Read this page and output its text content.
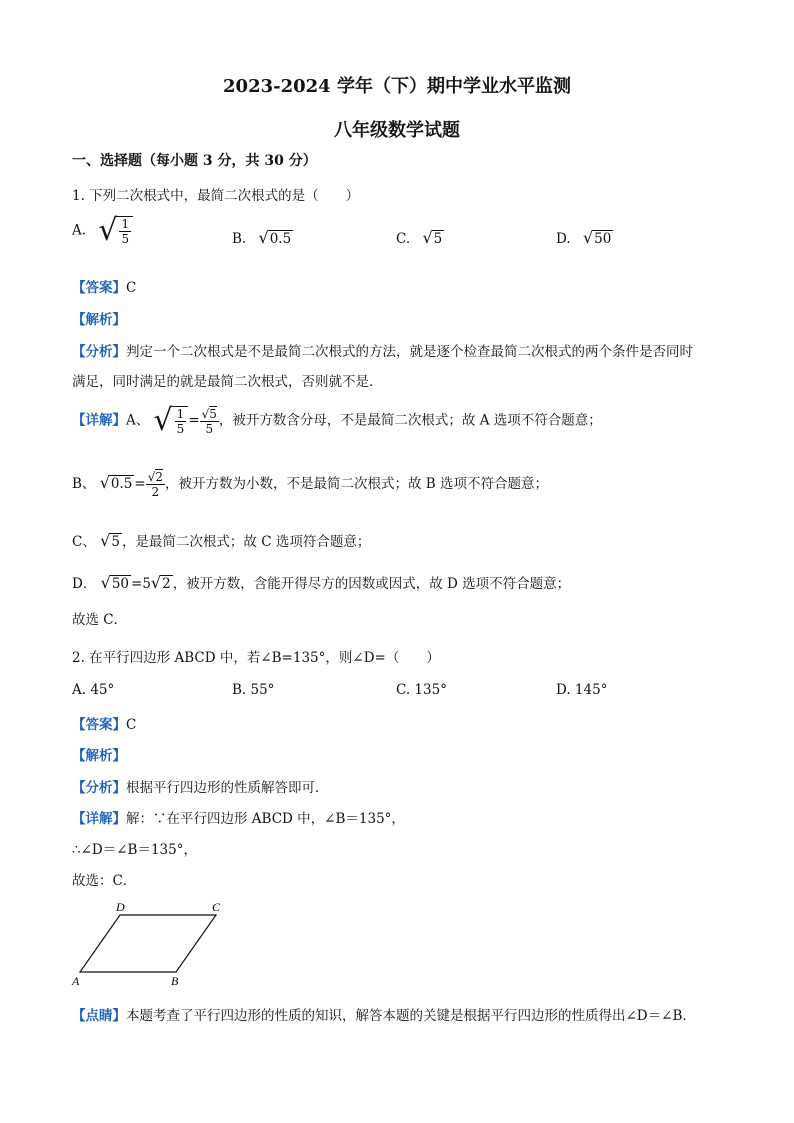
2023-2024 学年（下）期中学业水平监测
八年级数学试题
一、选择题（每小题 3 分，共 30 分）
1. 下列二次根式中，最简二次根式的是（　　）
A. √ $\frac{1}{5}$	B. √0.5	C. √5	D. √50
【答案】C
【解析】
【分析】判定一个二次根式是不是最简二次根式的方法，就是逐个检查最简二次根式的两个条件是否同时
满足，同时满足的就是最简二次根式，否则就不是．
【详解】A、 √ $\frac{1}{5} = \frac{√5}{5}$ ，被开方数含分母，不是最简二次根式；故 A 选项不符合题意；
B、 $√0.5 = \frac{√2}{2}$ ，被开方数为小数，不是最简二次根式；故 B 选项不符合题意；
C、 √5 ，是最简二次根式；故 C 选项符合题意；
D． √50 =5√2 ，被开方数，含能开得尽方的因数或因式，故 D 选项不符合题意；
故选 C．
2. 在平行四边形 ABCD 中，若∠B=135°，则∠D=（　　）
A. 45°	B. 55°	C. 135°	D. 145°
【答案】C
【解析】
【分析】根据平行四边形的性质解答即可．
【详解】解：∵在平行四边形 ABCD 中，∠B＝135°，
∴∠D＝∠B＝135°，
故选：C．
A	B
C
D
【点睛】本题考查了平行四边形的性质的知识，解答本题的关键是根据平行四边形的性质得出∠D＝∠B．
